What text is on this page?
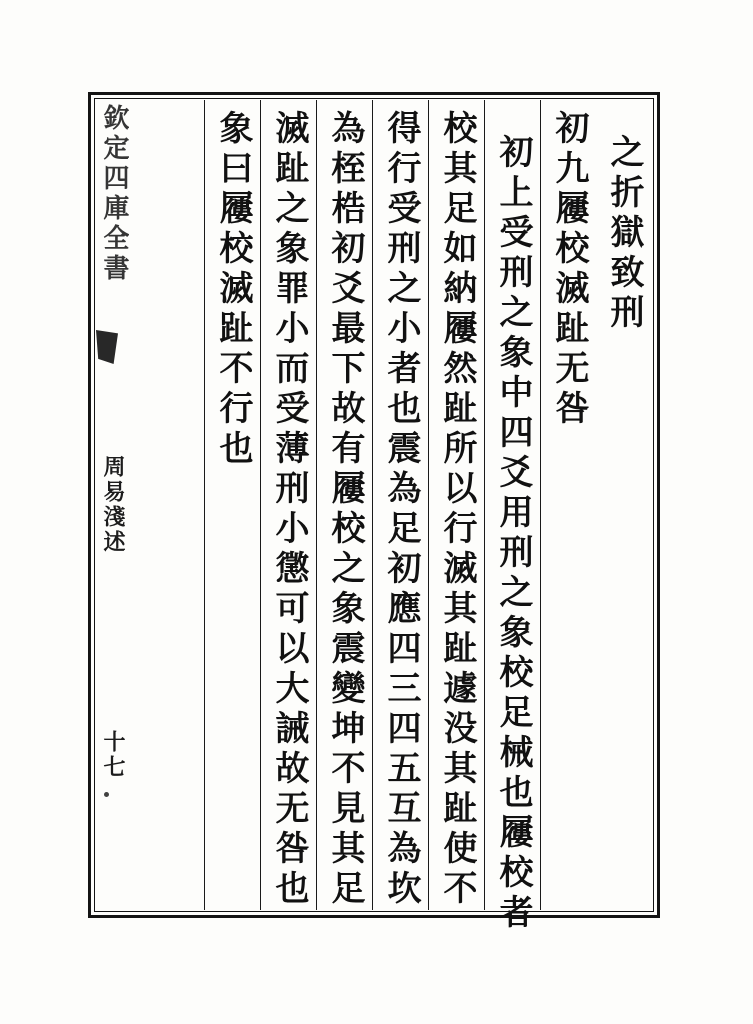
欽定四庫全書
周易淺述
十七
之折獄致刑
初九屨校滅趾无咎
初上受刑之象中四爻用刑之象校足械也屨校者
校其足如納屨然趾所以行滅其趾遽没其趾使不
得行受刑之小者也震為足初應四三四五互為坎
為桎梏初爻最下故有屨校之象震變坤不見其足
滅趾之象罪小而受薄刑小懲可以大誡故无咎也
象曰屨校滅趾不行也
